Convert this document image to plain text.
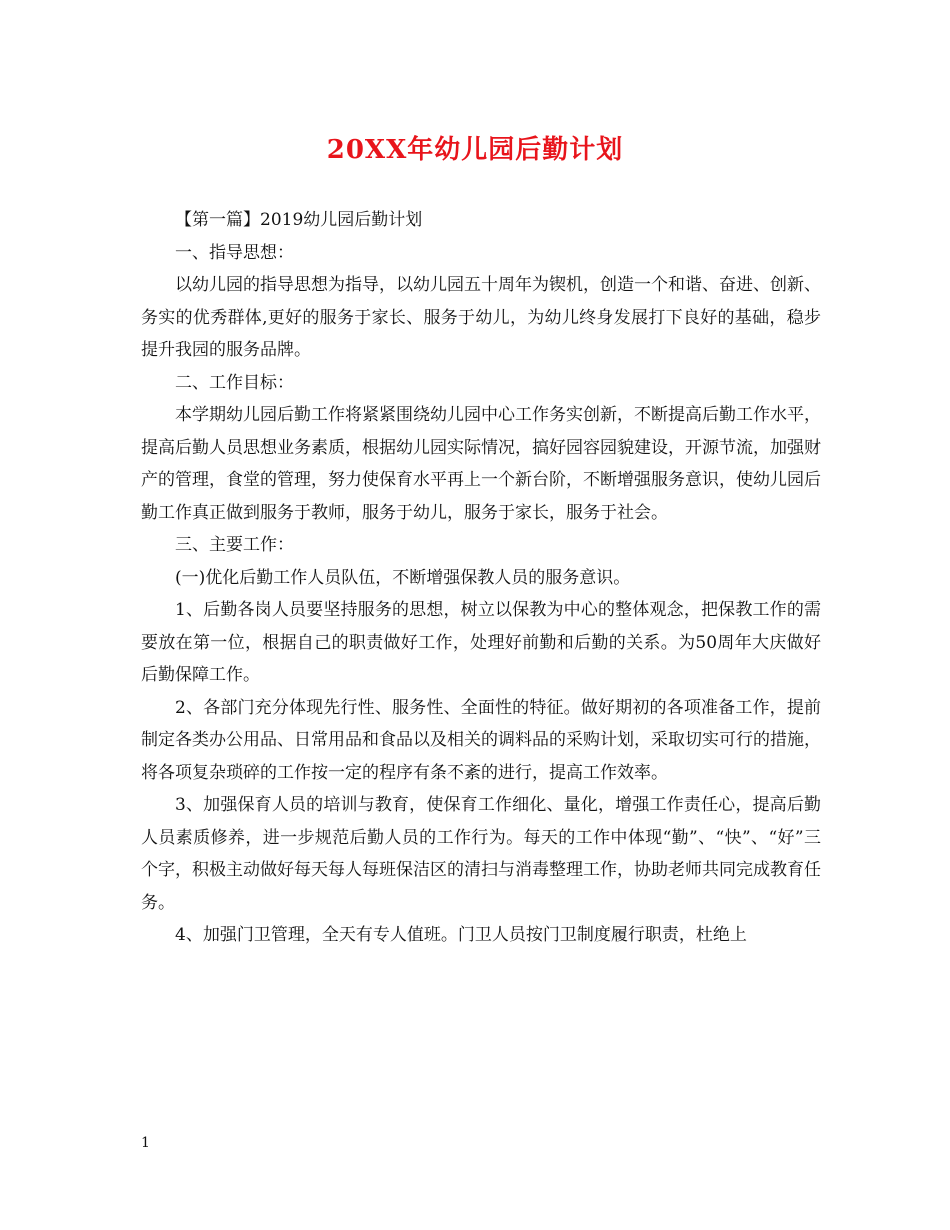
20XX年幼儿园后勤计划

【第一篇】2019幼儿园后勤计划

一、指导思想：

以幼儿园的指导思想为指导，以幼儿园五十周年为锲机，创造一个和谐、奋进、创新、务实的优秀群体,更好的服务于家长、服务于幼儿，为幼儿终身发展打下良好的基础，稳步提升我园的服务品牌。

二、工作目标：

本学期幼儿园后勤工作将紧紧围绕幼儿园中心工作务实创新，不断提高后勤工作水平，提高后勤人员思想业务素质，根据幼儿园实际情况，搞好园容园貌建设，开源节流，加强财产的管理，食堂的管理，努力使保育水平再上一个新台阶，不断增强服务意识，使幼儿园后勤工作真正做到服务于教师，服务于幼儿，服务于家长，服务于社会。

三、主要工作：

(一)优化后勤工作人员队伍，不断增强保教人员的服务意识。

1、后勤各岗人员要坚持服务的思想，树立以保教为中心的整体观念，把保教工作的需要放在第一位，根据自己的职责做好工作，处理好前勤和后勤的关系。为50周年大庆做好后勤保障工作。

2、各部门充分体现先行性、服务性、全面性的特征。做好期初的各项准备工作，提前制定各类办公用品、日常用品和食品以及相关的调料品的采购计划，采取切实可行的措施，将各项复杂琐碎的工作按一定的程序有条不紊的进行，提高工作效率。

3、加强保育人员的培训与教育，使保育工作细化、量化，增强工作责任心，提高后勤人员素质修养，进一步规范后勤人员的工作行为。每天的工作中体现“勤”、“快”、“好”三个字，积极主动做好每天每人每班保洁区的清扫与消毒整理工作，协助老师共同完成教育任务。

4、加强门卫管理，全天有专人值班。门卫人员按门卫制度履行职责，杜绝上

1
